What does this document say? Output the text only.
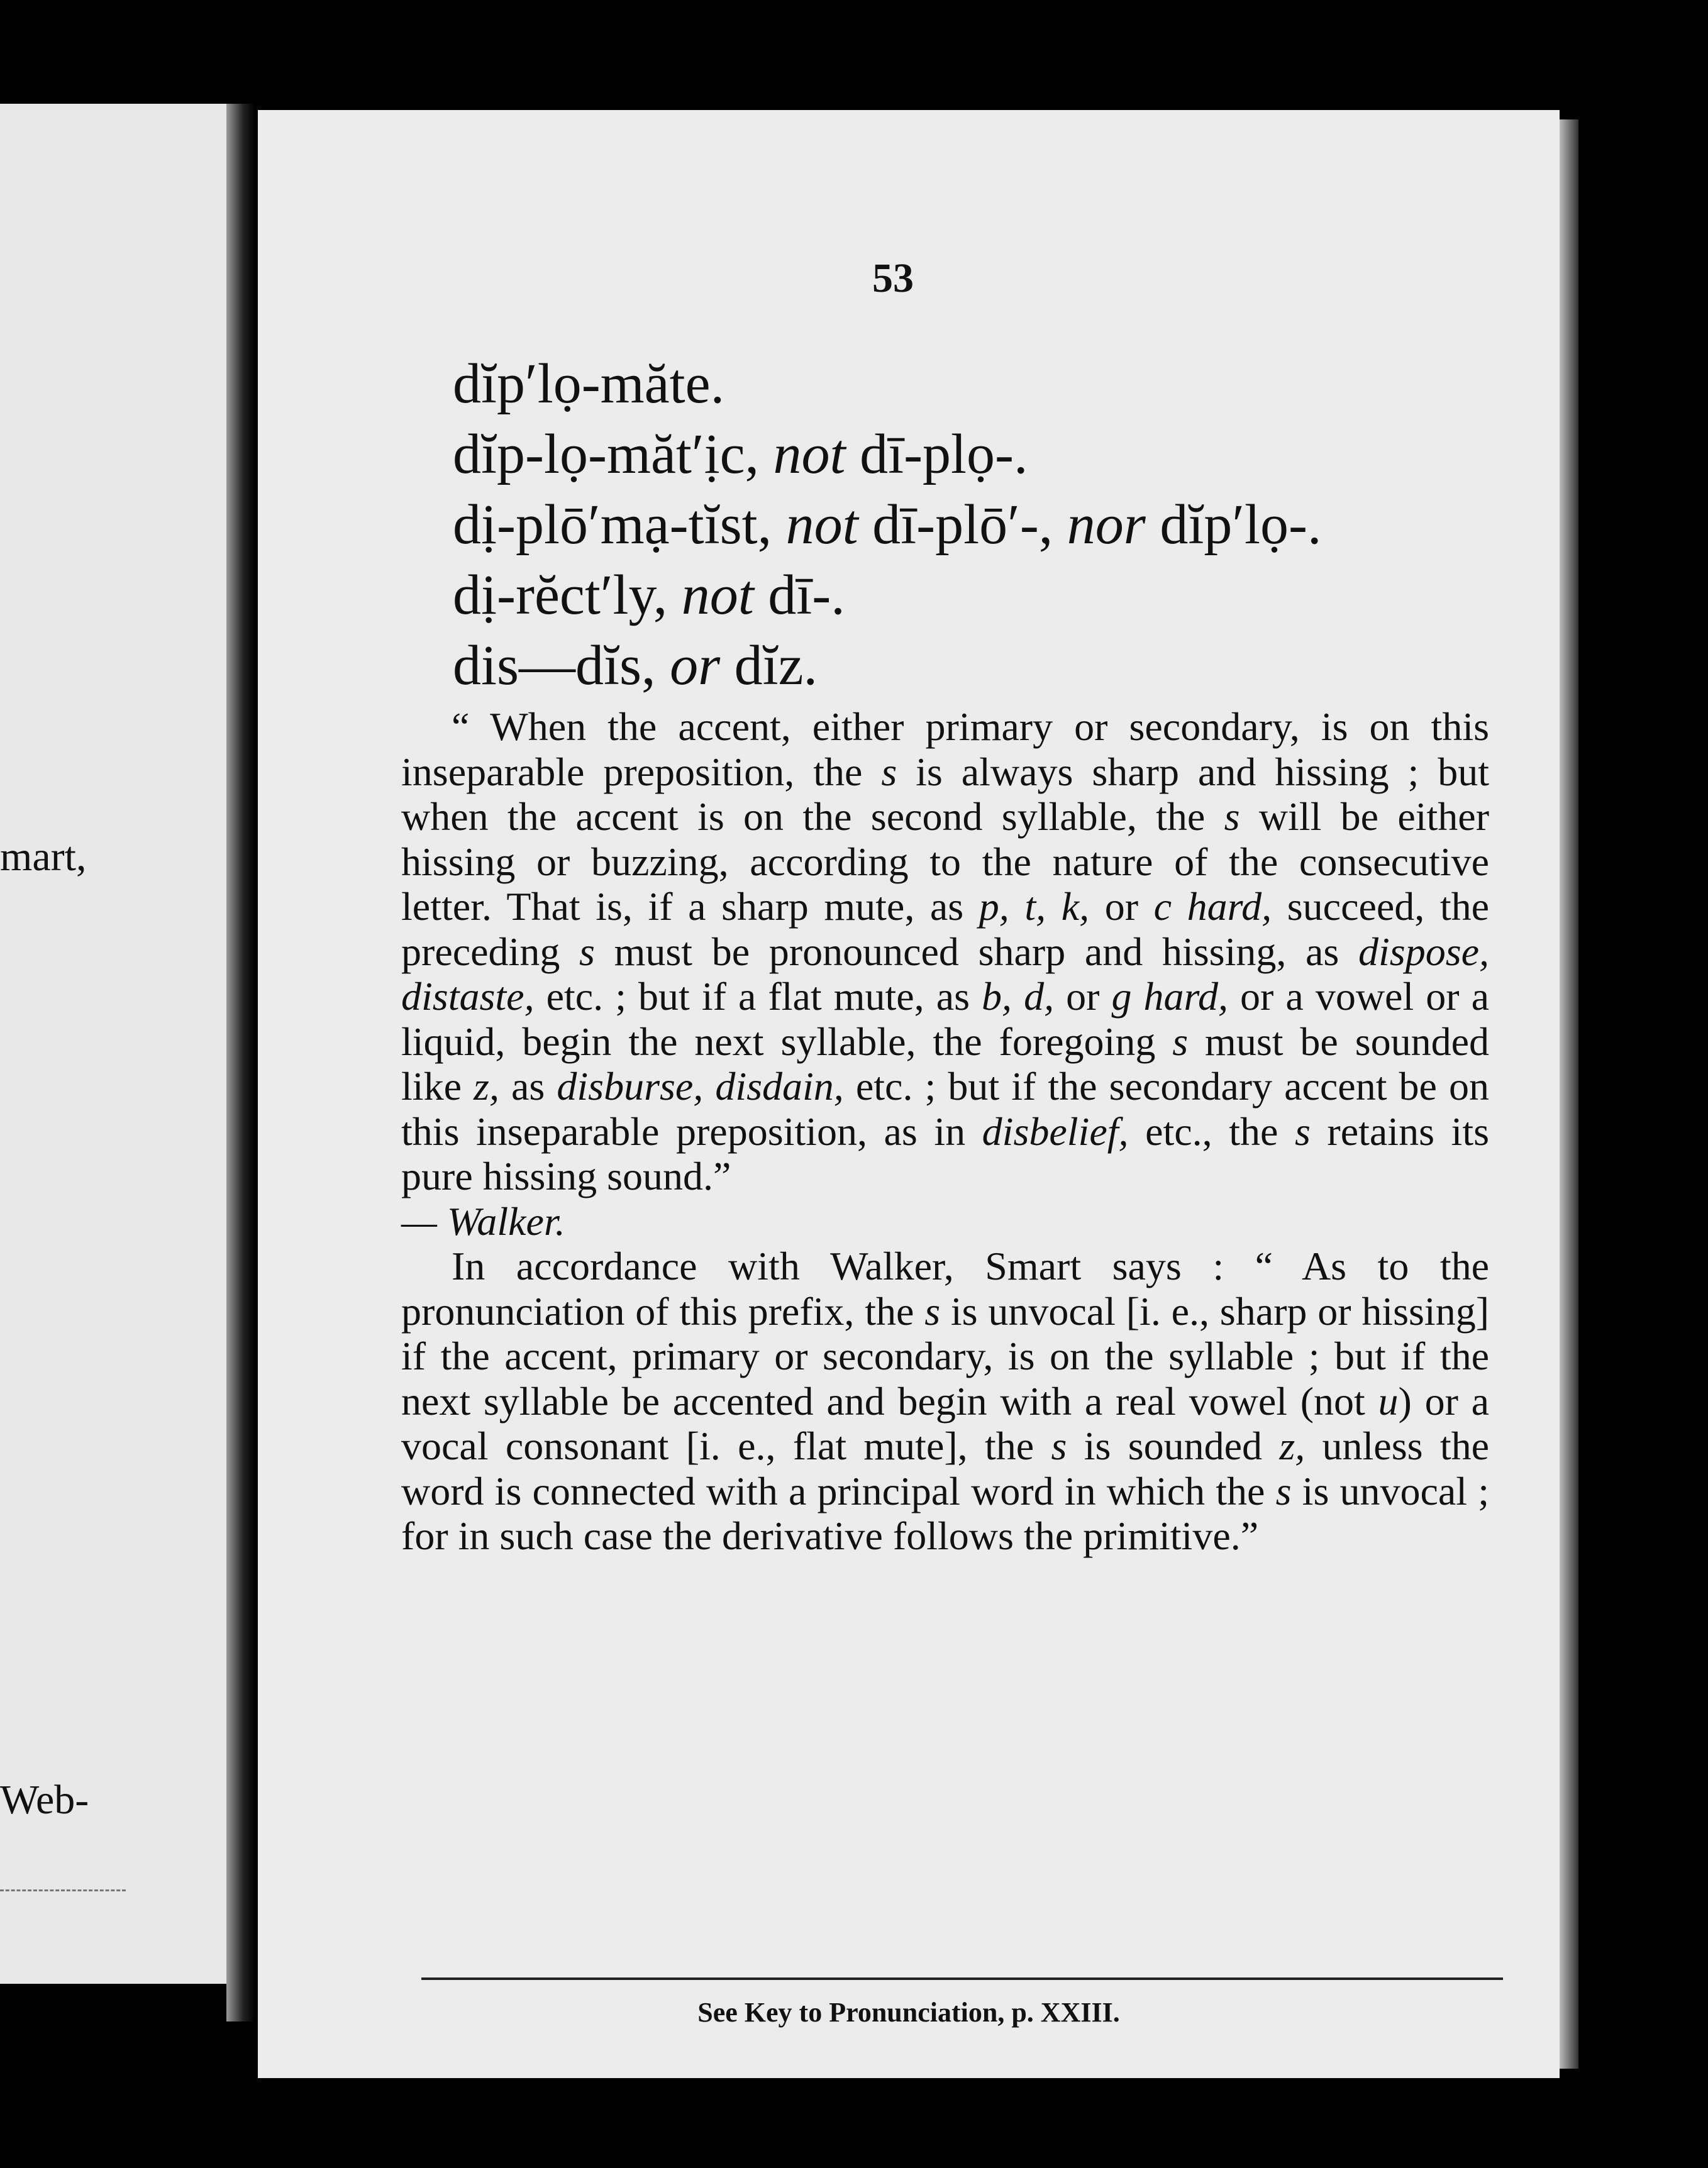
mart,
Web-
53
dĭp′lọ-măte.
dĭp-lọ-măt′ịc, not dī-plọ-.
dị-plō′mạ-tĭst, not dī-plō′-, nor dĭp′lọ-.
dị-rĕct′ly, not dī-.
dis—dĭs, or dĭz.

“ When the accent, either primary or secondary, is on this inseparable preposition, the s is always sharp and hissing ; but when the accent is on the second syllable, the s will be either hissing or buzzing, according to the nature of the consecutive letter. That is, if a sharp mute, as p, t, k, or c hard, succeed, the preceding s must be pronounced sharp and hissing, as dispose, distaste, etc. ; but if a flat mute, as b, d, or g hard, or a vowel or a liquid, begin the next syllable, the foregoing s must be sounded like z, as disburse, disdain, etc. ; but if the secondary accent be on this inseparable preposition, as in disbelief, etc., the s retains its pure hissing sound.”

— Walker.

In accordance with Walker, Smart says : “ As to the pronunciation of this prefix, the s is unvocal [i. e., sharp or hissing] if the accent, primary or secondary, is on the syllable ; but if the next syllable be accented and begin with a real vowel (not u) or a vocal consonant [i. e., flat mute], the s is sounded z, unless the word is connected with a principal word in which the s is unvocal ; for in such case the derivative follows the primitive.”

See Key to Pronunciation, p. XXIII.
